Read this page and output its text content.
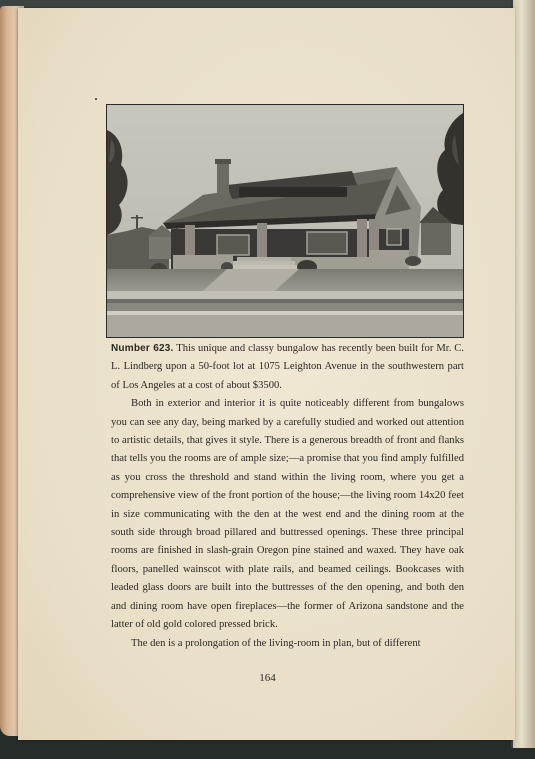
Number 623. This unique and classy bungalow has recently been built for Mr. C. L. Lindberg upon a 50-foot lot at 1075 Leighton Avenue in the southwestern part of Los Angeles at a cost of about $3500.

Both in exterior and interior it is quite noticeably different from bungalows you can see any day, being marked by a carefully studied and worked out attention to artistic details, that gives it style. There is a generous breadth of front and flanks that tells you the rooms are of ample size;—a promise that you find amply fulfilled as you cross the threshold and stand within the living room, where you get a comprehensive view of the front portion of the house;—the living room 14x20 feet in size communicating with the den at the west end and the dining room at the south side through broad pillared and buttressed openings. These three principal rooms are finished in slash-grain Oregon pine stained and waxed. They have oak floors, panelled wainscot with plate rails, and beamed ceilings. Bookcases with leaded glass doors are built into the buttresses of the den opening, and both den and dining room have open fireplaces—the former of Arizona sandstone and the latter of old gold colored pressed brick.

The den is a prolongation of the living-room in plan, but of different

164
